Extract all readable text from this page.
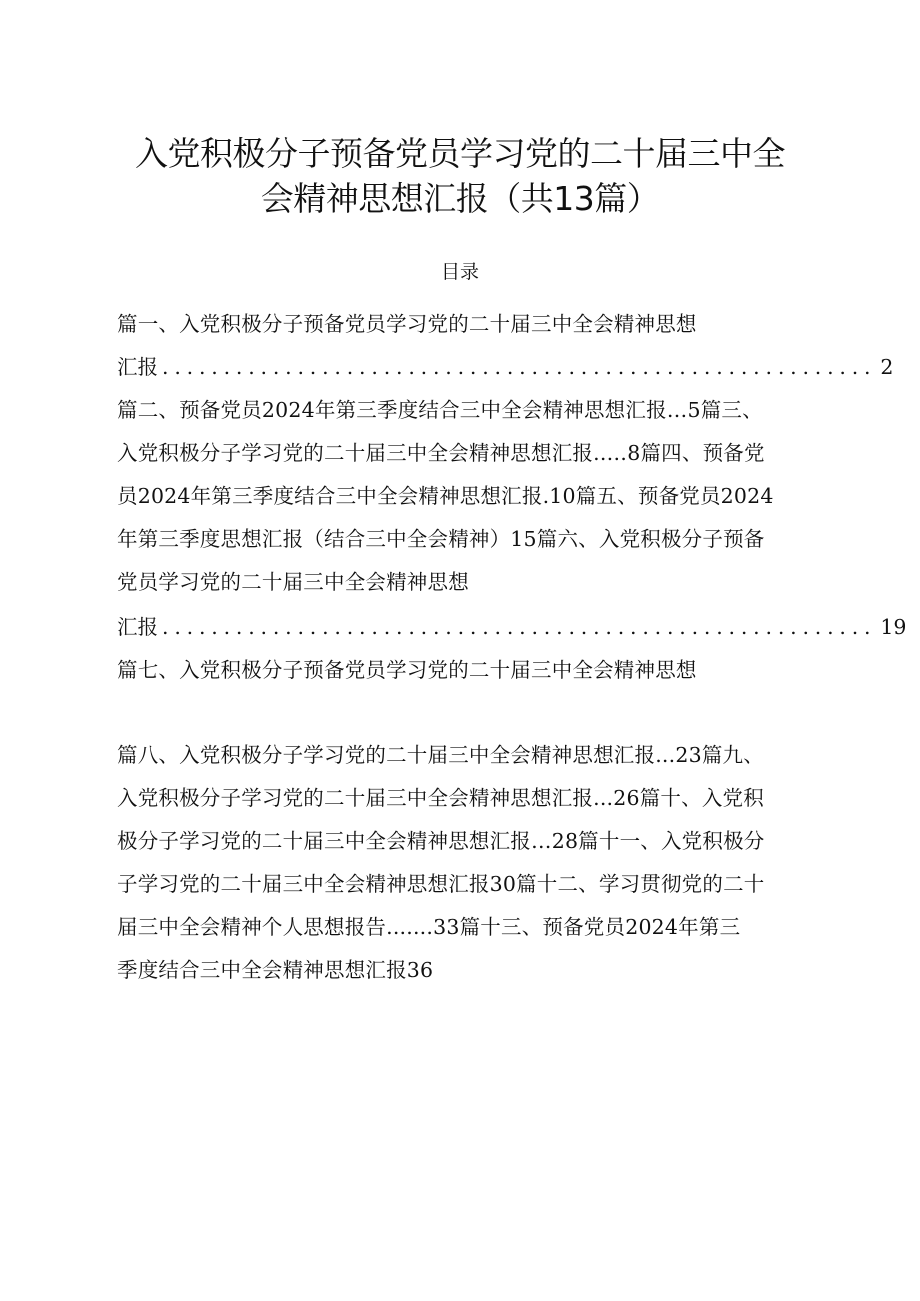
入党积极分子预备党员学习党的二十届三中全
会精神思想汇报（共13篇）
目录
篇一、入党积极分子预备党员学习党的二十届三中全会精神思想
汇报 .......................................................... 2
篇二、预备党员2024年第三季度结合三中全会精神思想汇报…5篇三、
入党积极分子学习党的二十届三中全会精神思想汇报..…8篇四、预备党
员2024年第三季度结合三中全会精神思想汇报.10篇五、预备党员2024
年第三季度思想汇报（结合三中全会精神）15篇六、入党积极分子预备
党员学习党的二十届三中全会精神思想
汇报 .......................................................... 19
篇七、入党积极分子预备党员学习党的二十届三中全会精神思想
篇八、入党积极分子学习党的二十届三中全会精神思想汇报...23篇九、
入党积极分子学习党的二十届三中全会精神思想汇报...26篇十、入党积
极分子学习党的二十届三中全会精神思想汇报…28篇十一、入党积极分
子学习党的二十届三中全会精神思想汇报30篇十二、学习贯彻党的二十
届三中全会精神个人思想报告.......33篇十三、预备党员2024年第三
季度结合三中全会精神思想汇报36
